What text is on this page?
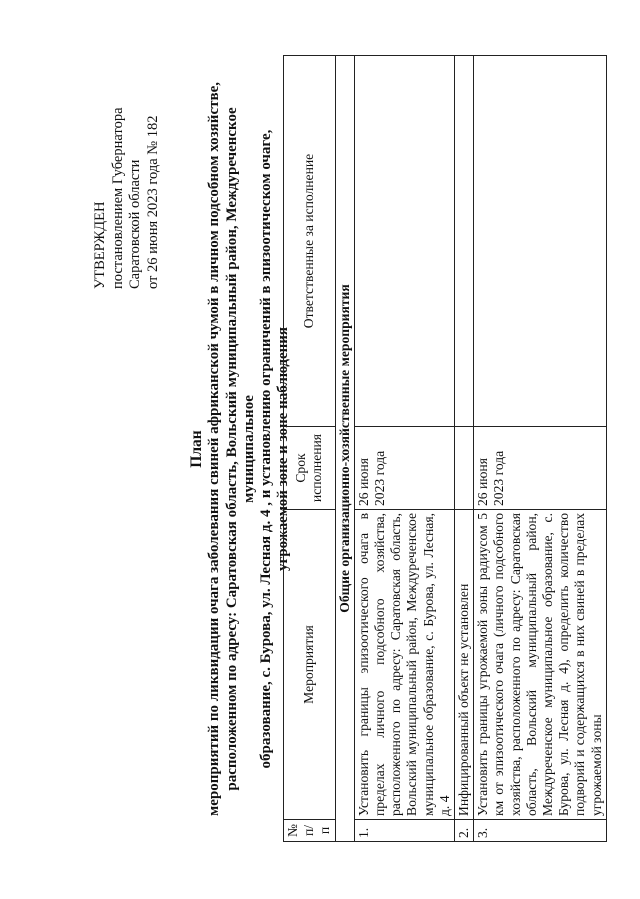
УТВЕРЖДЕН постановлением Губернатора Саратовской области от 26 июня 2023 года № 182
План мероприятий по ликвидации очага заболевания свиней африканской чумой в личном подсобном хозяйстве, расположенном по адресу: Саратовская область, Вольский муниципальный район, Междуреченское муниципальное образование, с. Бурова, ул. Лесная д. 4 , и установлению ограничений в эпизоотическом очаге, угрожаемой зоне и зоне наблюдения
№ п/п	Мероприятия	Срок исполнения	Ответственные за исполнение
Общие организационно-хозяйственные мероприятия			
1.	Установить границы эпизоотического очага в пределах личного подсобного хозяйства, расположенного по адресу: Саратовская область, Вольский муниципальный район, Междуреченское муниципальное образование, с. Бурова, ул. Лесная, д. 4	26 июня 2023 года	
2.	Инфицированный объект не установлен		
3.	Установить границы угрожаемой зоны радиусом 5 км от эпизоотического очага (личного подсобного хозяйства, расположенного по адресу: Саратовская область, Вольский муниципальный район, Междуреченское муниципальное образование, с. Бурова, ул. Лесная д. 4), определить количество подворий и содержащихся в них свиней в пределах угрожаемой зоны	26 июня 2023 года	
